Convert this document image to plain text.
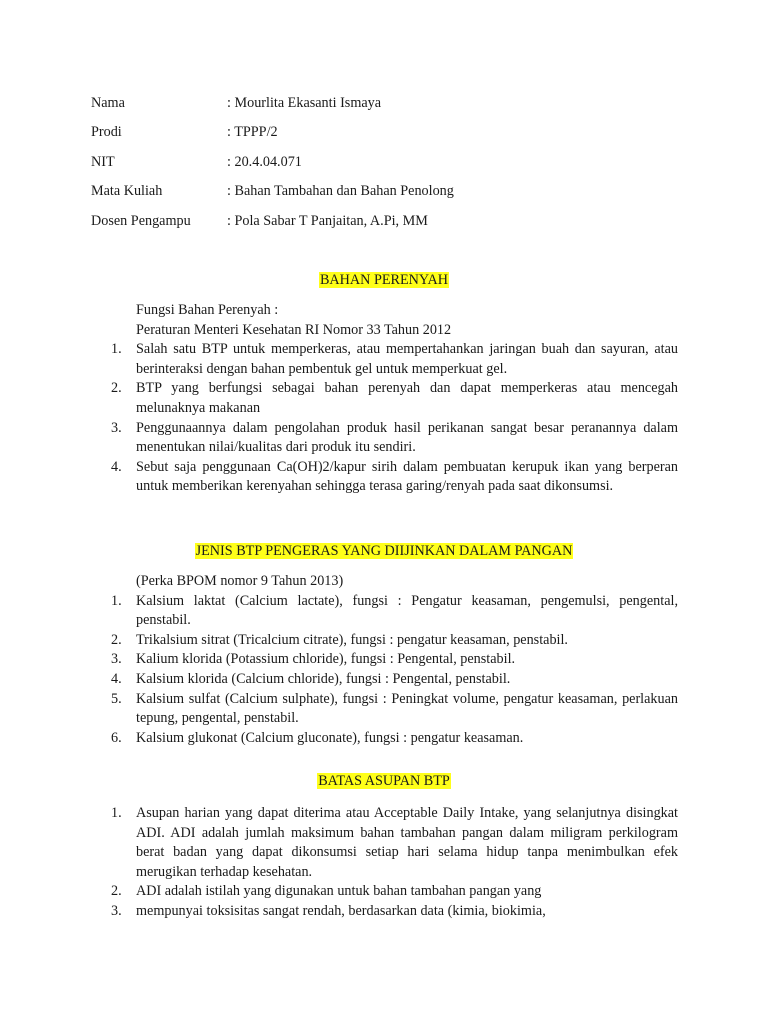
Nama	: Mourlita Ekasanti Ismaya
Prodi	: TPPP/2
NIT	: 20.4.04.071
Mata Kuliah	: Bahan Tambahan dan Bahan Penolong
Dosen Pengampu	: Pola Sabar T Panjaitan, A.Pi, MM
BAHAN PERENYAH
Fungsi Bahan Perenyah :
Peraturan Menteri Kesehatan RI Nomor 33 Tahun 2012
1. Salah satu BTP untuk memperkeras, atau mempertahankan jaringan buah dan sayuran, atau berinteraksi dengan bahan pembentuk gel untuk memperkuat gel.
2. BTP yang berfungsi sebagai bahan perenyah dan dapat memperkeras atau mencegah melunaknya makanan
3. Penggunaannya dalam pengolahan produk hasil perikanan sangat besar peranannya dalam menentukan nilai/kualitas dari produk itu sendiri.
4. Sebut saja penggunaan Ca(OH)2/kapur sirih dalam pembuatan kerupuk ikan yang berperan untuk memberikan kerenyahan sehingga terasa garing/renyah pada saat dikonsumsi.
JENIS BTP PENGERAS YANG DIIJINKAN DALAM PANGAN
(Perka BPOM nomor 9 Tahun 2013)
1. Kalsium laktat (Calcium lactate), fungsi : Pengatur keasaman, pengemulsi, pengental, penstabil.
2. Trikalsium sitrat (Tricalcium citrate), fungsi : pengatur keasaman, penstabil.
3. Kalium klorida (Potassium chloride), fungsi : Pengental, penstabil.
4. Kalsium klorida (Calcium chloride), fungsi : Pengental, penstabil.
5. Kalsium sulfat (Calcium sulphate), fungsi : Peningkat volume, pengatur keasaman, perlakuan tepung, pengental, penstabil.
6. Kalsium glukonat (Calcium gluconate), fungsi : pengatur keasaman.
BATAS ASUPAN BTP
1. Asupan harian yang dapat diterima atau Acceptable Daily Intake, yang selanjutnya disingkat ADI. ADI adalah jumlah maksimum bahan tambahan pangan dalam miligram perkilogram berat badan yang dapat dikonsumsi setiap hari selama hidup tanpa menimbulkan efek merugikan terhadap kesehatan.
2. ADI adalah istilah yang digunakan untuk bahan tambahan pangan yang
3. mempunyai toksisitas sangat rendah, berdasarkan data (kimia, biokimia,
